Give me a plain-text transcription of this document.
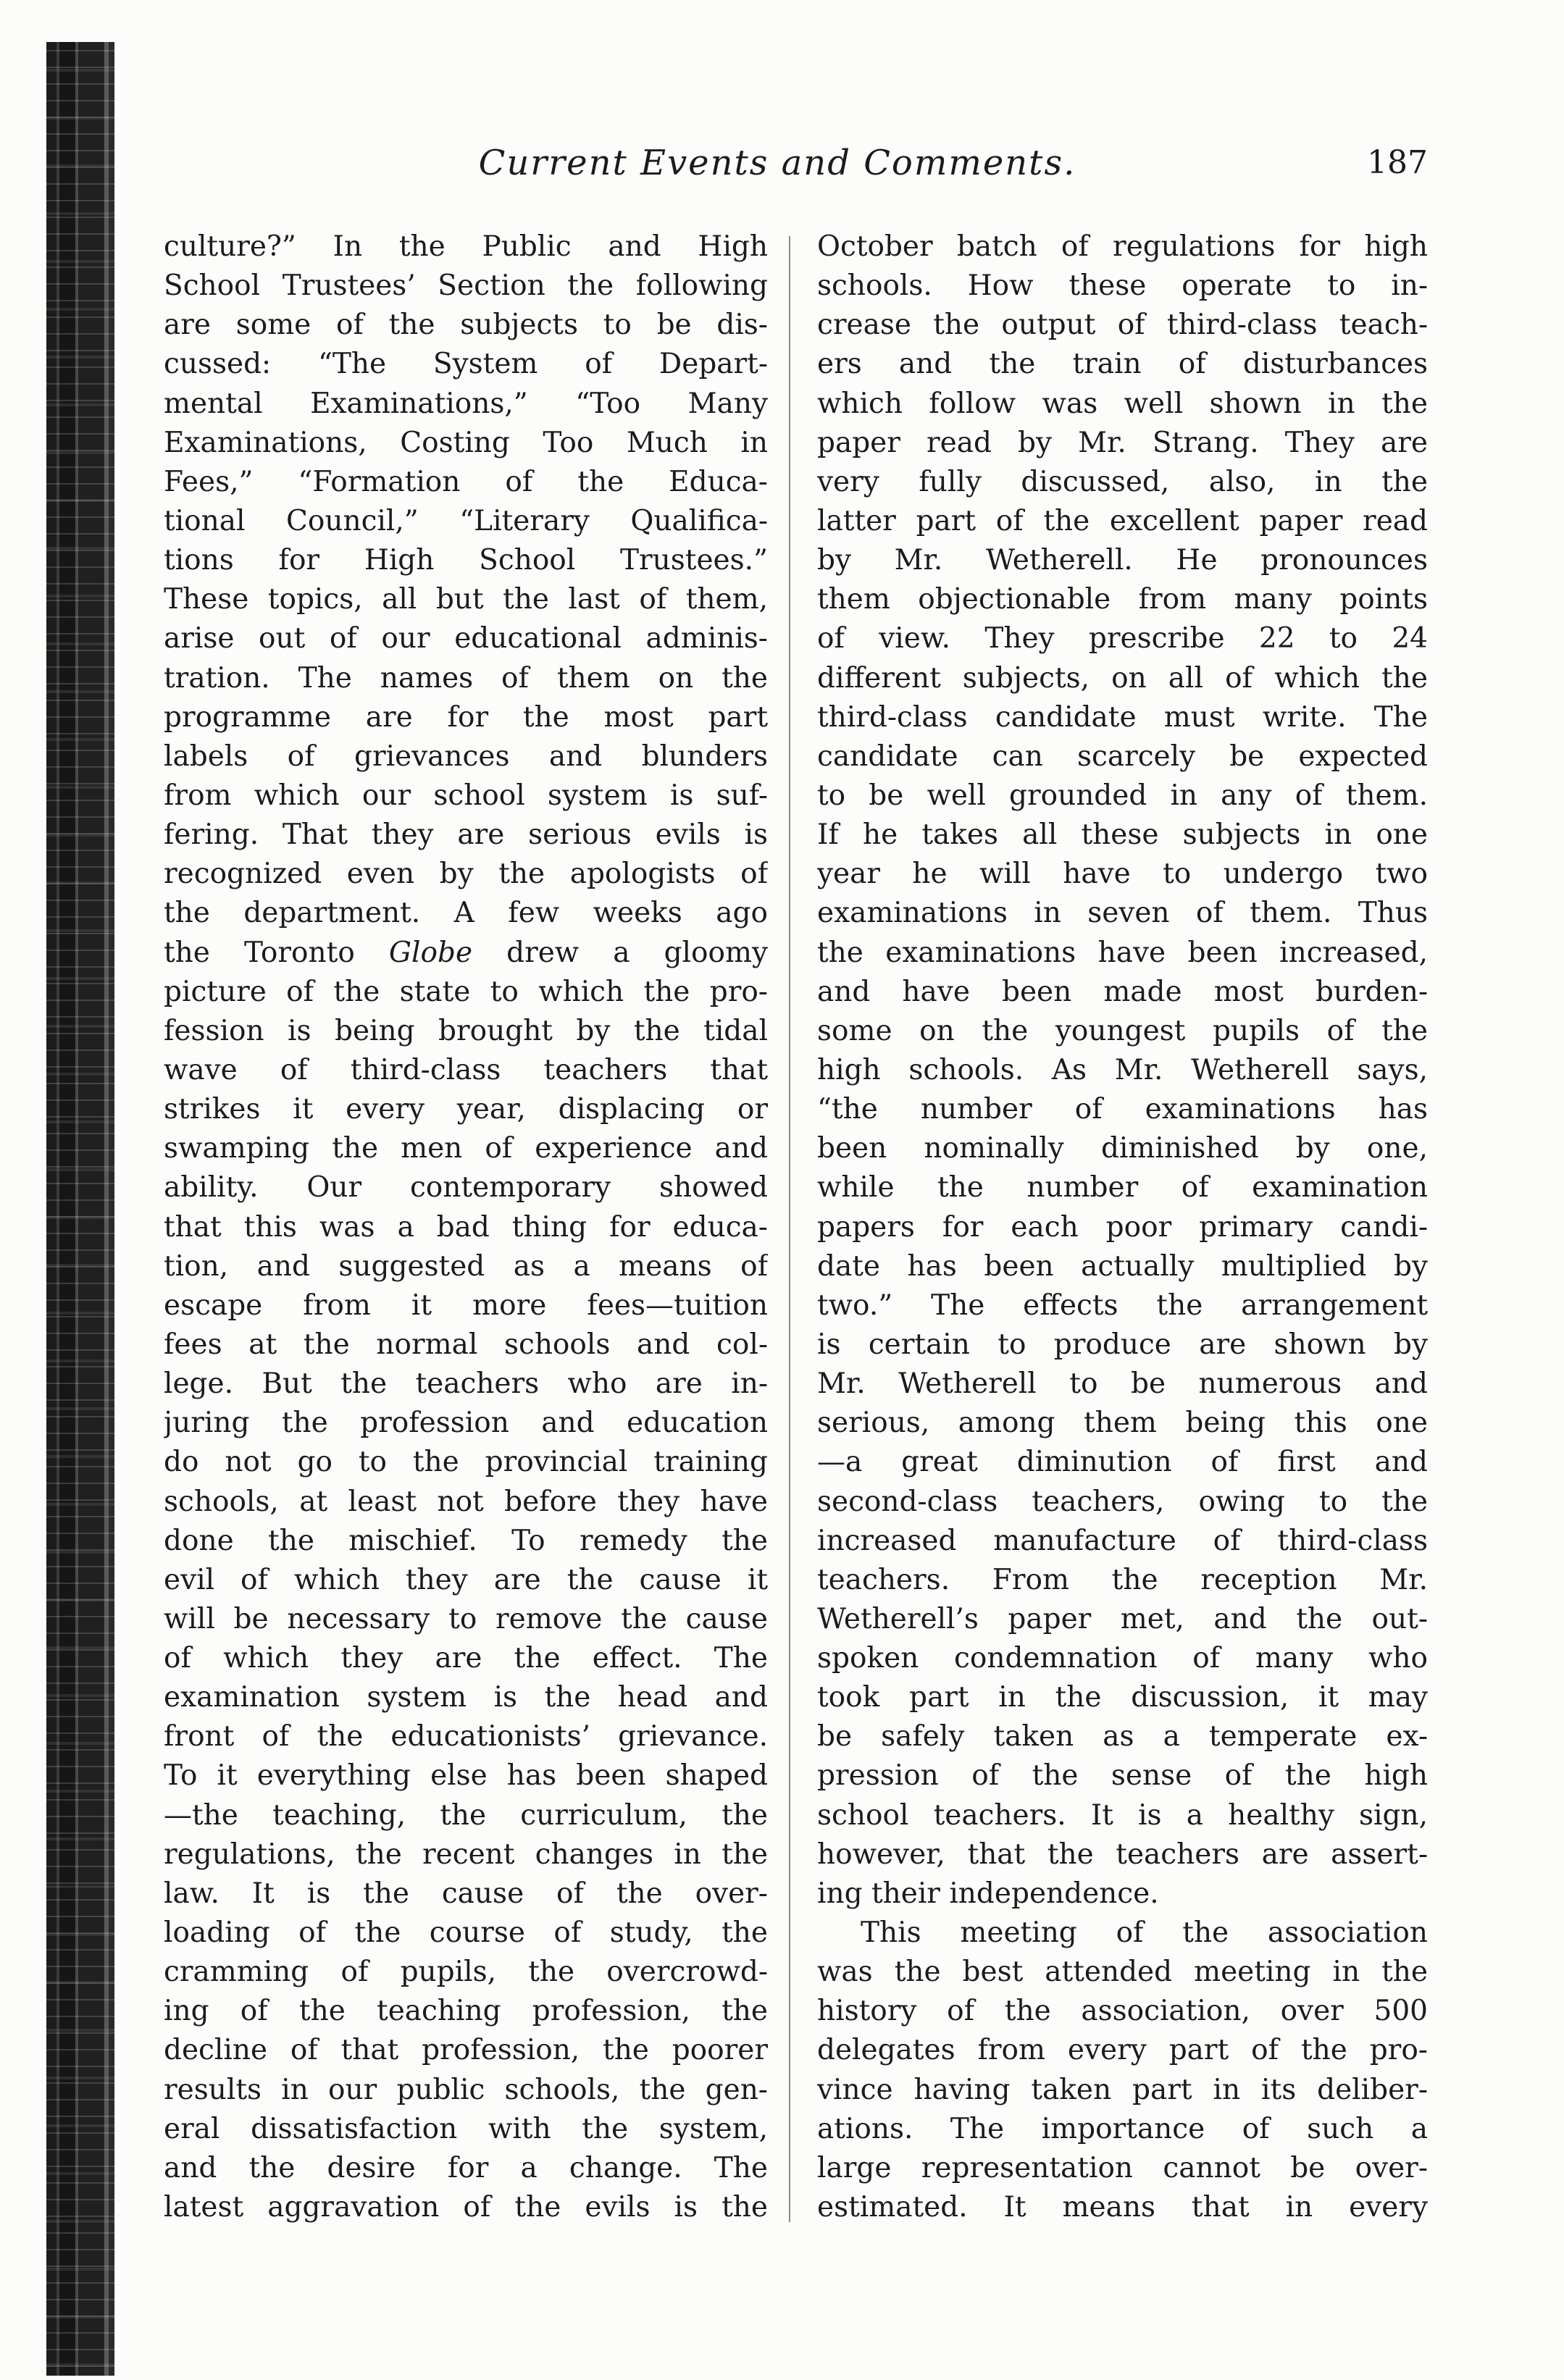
Current Events and Comments.	187
culture?” In the Public and High
School Trustees’ Section the following
are some of the subjects to be dis-
cussed: “The System of Depart-
mental Examinations,” “Too Many
Examinations, Costing Too Much in
Fees,” “Formation of the Educa-
tional Council,” “Literary Qualifica-
tions for High School Trustees.”
These topics, all but the last of them,
arise out of our educational adminis-
tration. The names of them on the
programme are for the most part
labels of grievances and blunders
from which our school system is suf-
fering. That they are serious evils is
recognized even by the apologists of
the department. A few weeks ago
the Toronto Globe drew a gloomy
picture of the state to which the pro-
fession is being brought by the tidal
wave of third-class teachers that
strikes it every year, displacing or
swamping the men of experience and
ability. Our contemporary showed
that this was a bad thing for educa-
tion, and suggested as a means of
escape from it more fees—tuition
fees at the normal schools and col-
lege. But the teachers who are in-
juring the profession and education
do not go to the provincial training
schools, at least not before they have
done the mischief. To remedy the
evil of which they are the cause it
will be necessary to remove the cause
of which they are the effect. The
examination system is the head and
front of the educationists’ grievance.
To it everything else has been shaped
—the teaching, the curriculum, the
regulations, the recent changes in the
law. It is the cause of the over-
loading of the course of study, the
cramming of pupils, the overcrowd-
ing of the teaching profession, the
decline of that profession, the poorer
results in our public schools, the gen-
eral dissatisfaction with the system,
and the desire for a change. The
latest aggravation of the evils is the
October batch of regulations for high
schools. How these operate to in-
crease the output of third-class teach-
ers and the train of disturbances
which follow was well shown in the
paper read by Mr. Strang. They are
very fully discussed, also, in the
latter part of the excellent paper read
by Mr. Wetherell. He pronounces
them objectionable from many points
of view. They prescribe 22 to 24
different subjects, on all of which the
third-class candidate must write. The
candidate can scarcely be expected
to be well grounded in any of them.
If he takes all these subjects in one
year he will have to undergo two
examinations in seven of them. Thus
the examinations have been increased,
and have been made most burden-
some on the youngest pupils of the
high schools. As Mr. Wetherell says,
“the number of examinations has
been nominally diminished by one,
while the number of examination
papers for each poor primary candi-
date has been actually multiplied by
two.” The effects the arrangement
is certain to produce are shown by
Mr. Wetherell to be numerous and
serious, among them being this one
—a great diminution of first and
second-class teachers, owing to the
increased manufacture of third-class
teachers. From the reception Mr.
Wetherell’s paper met, and the out-
spoken condemnation of many who
took part in the discussion, it may
be safely taken as a temperate ex-
pression of the sense of the high
school teachers. It is a healthy sign,
however, that the teachers are assert-
ing their independence.
This meeting of the association
was the best attended meeting in the
history of the association, over 500
delegates from every part of the pro-
vince having taken part in its deliber-
ations. The importance of such a
large representation cannot be over-
estimated. It means that in every
